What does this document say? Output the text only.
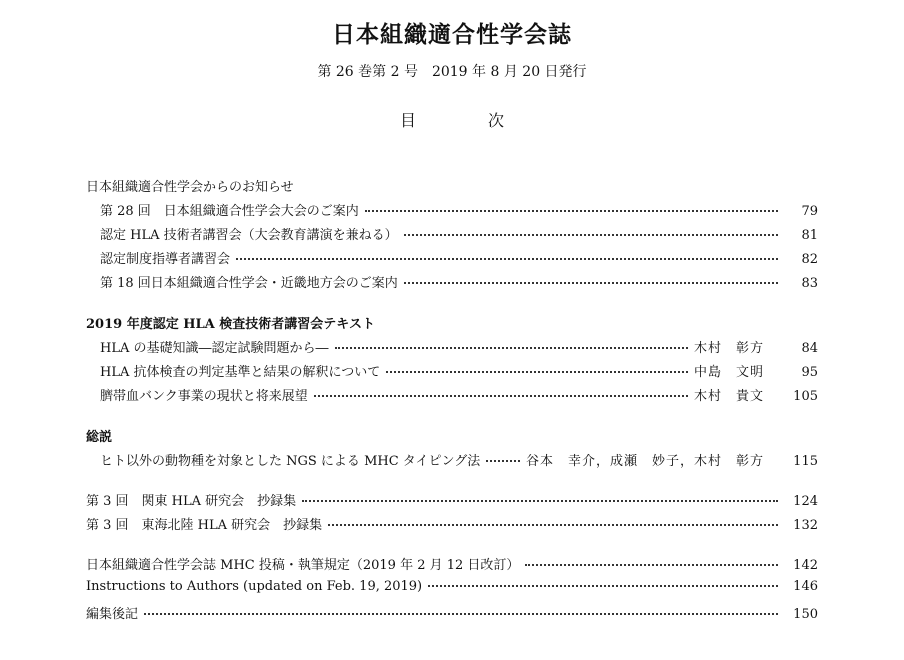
日本組織適合性学会誌
第 26 巻第 2 号　2019 年 8 月 20 日発行
目　次
日本組織適合性学会からのお知らせ
第 28 回　日本組織適合性学会大会のご案内	79
認定 HLA 技術者講習会（大会教育講演を兼ねる）	81
認定制度指導者講習会	82
第 18 回日本組織適合性学会・近畿地方会のご案内	83
2019 年度認定 HLA 検査技術者講習会テキスト
HLA の基礎知識―認定試験問題から―	木村　彰方	84
HLA 抗体検査の判定基準と結果の解釈について	中島　文明	95
臍帯血バンク事業の現状と将来展望	木村　貴文	105
総説
ヒト以外の動物種を対象とした NGS による MHC タイピング法	谷本　幸介，成瀬　妙子，木村　彰方	115
第 3 回　関東 HLA 研究会　抄録集	124
第 3 回　東海北陸 HLA 研究会　抄録集	132
日本組織適合性学会誌 MHC 投稿・執筆規定（2019 年 2 月 12 日改訂）	142
Instructions to Authors (updated on Feb. 19, 2019)	146
編集後記	150
